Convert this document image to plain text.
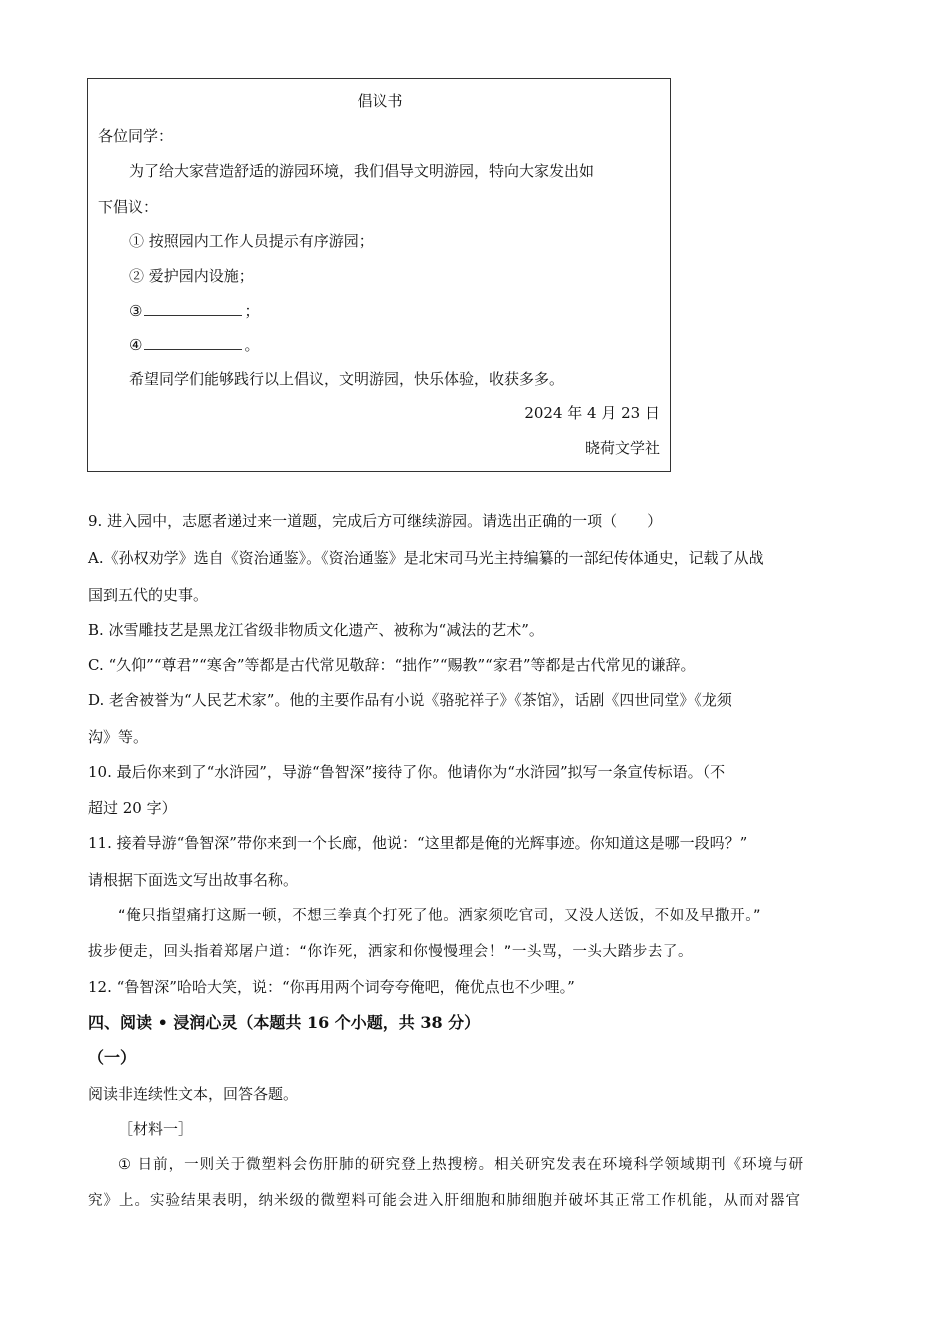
倡议书
各位同学：
为了给大家营造舒适的游园环境，我们倡导文明游园，特向大家发出如
下倡议：
① 按照园内工作人员提示有序游园；
② 爱护园内设施；
③	；
④	。
希望同学们能够践行以上倡议，文明游园，快乐体验，收获多多。
2024 年 4 月 23 日
晓荷文学社
9. 进入园中，志愿者递过来一道题，完成后方可继续游园。请选出正确的一项（　　）
A.《孙权劝学》选自《资治通鉴》。《资治通鉴》是北宋司马光主持编纂的一部纪传体通史，记载了从战
国到五代的史事。
B. 冰雪雕技艺是黑龙江省级非物质文化遗产、被称为“减法的艺术”。
C. “久仰”“尊君”“寒舍”等都是古代常见敬辞：“拙作”“赐教”“家君”等都是古代常见的谦辞。
D. 老舍被誉为“人民艺术家”。他的主要作品有小说《骆驼祥子》《茶馆》，话剧《四世同堂》《龙须
沟》等。
10. 最后你来到了“水浒园”，导游“鲁智深”接待了你。他请你为“水浒园”拟写一条宣传标语。（不
超过 20 字）
11. 接着导游“鲁智深”带你来到一个长廊，他说：“这里都是俺的光辉事迹。你知道这是哪一段吗？”
请根据下面选文写出故事名称。
“俺只指望痛打这厮一顿，不想三拳真个打死了他。洒家须吃官司，又没人送饭，不如及早撒开。”
拔步便走，回头指着郑屠户道：“你诈死，洒家和你慢慢理会！”一头骂，一头大踏步去了。
12. “鲁智深”哈哈大笑，说：“你再用两个词夸夸俺吧，俺优点也不少哩。”
四、阅读 • 浸润心灵（本题共 16 个小题，共 38 分）
（一）
阅读非连续性文本，回答各题。
［材料一］
① 日前，一则关于微塑料会伤肝肺的研究登上热搜榜。相关研究发表在环境科学领域期刊《环境与研
究》上。实验结果表明，纳米级的微塑料可能会进入肝细胞和肺细胞并破坏其正常工作机能，从而对器官
